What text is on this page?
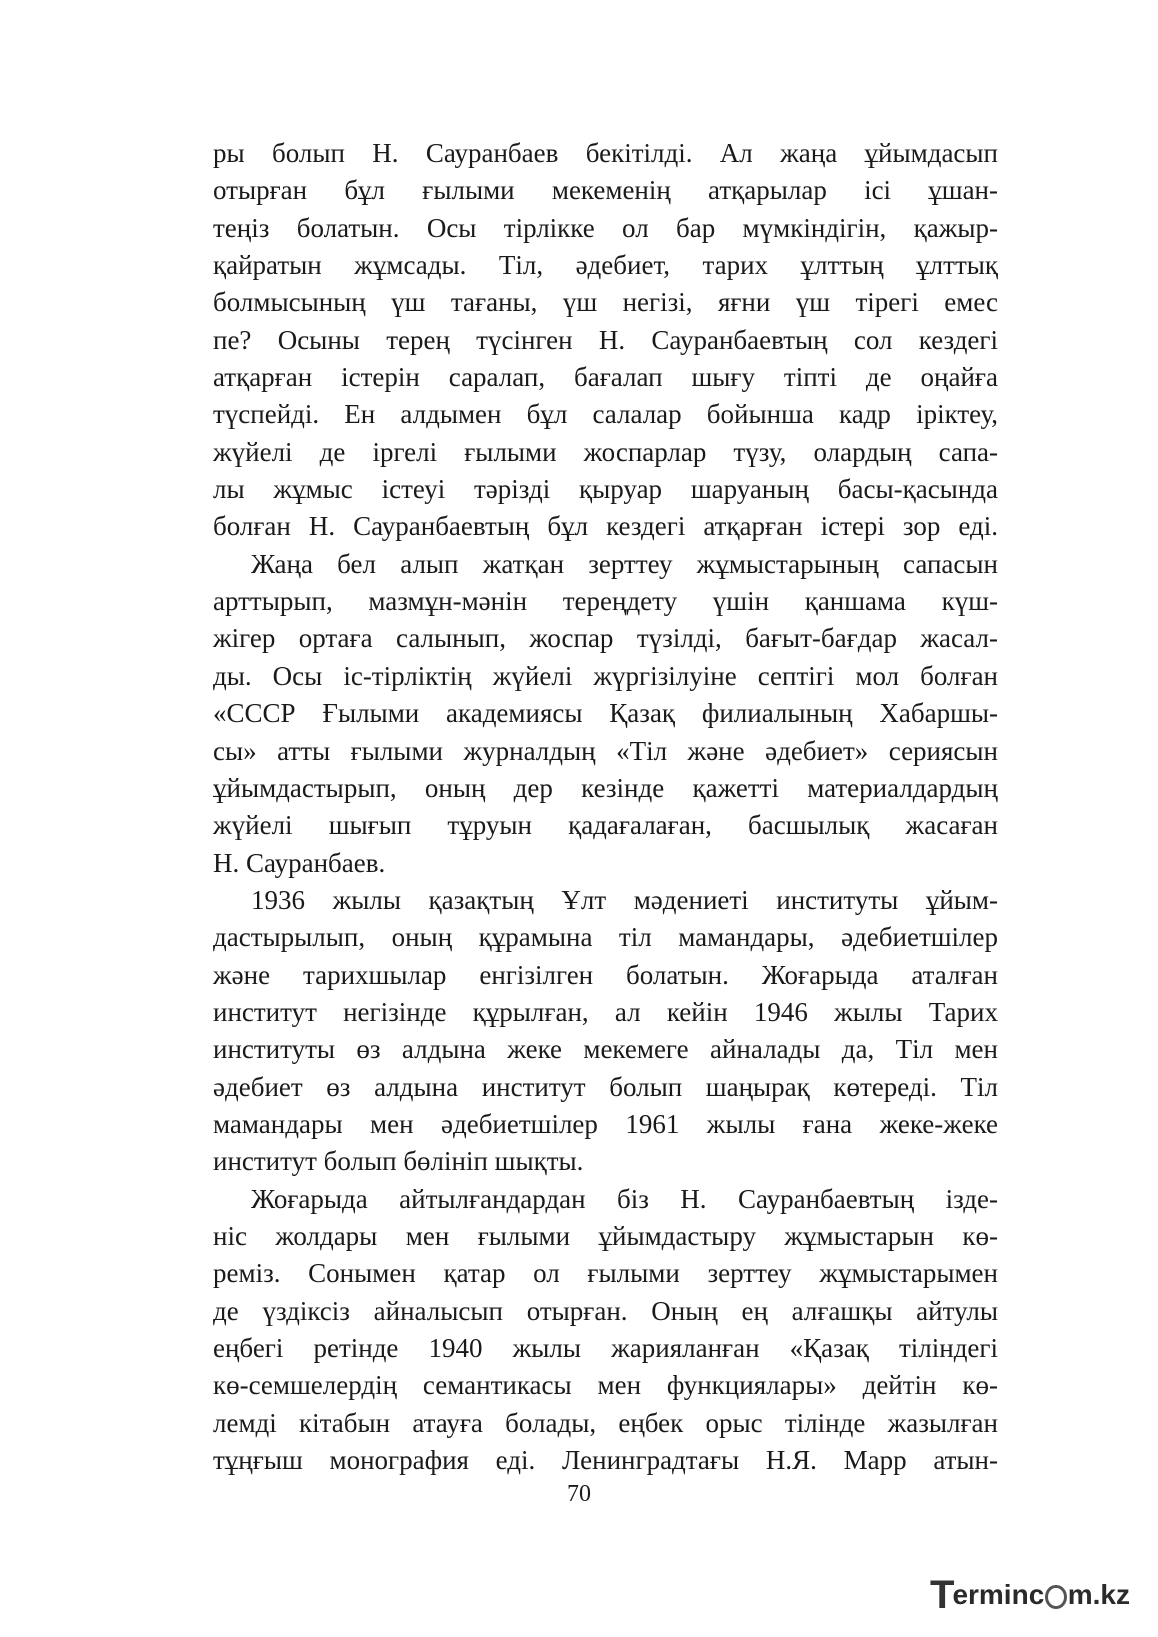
ры болып Н. Сауранбаев бекітілді. Ал жаңа ұйымдасып
отырған бұл ғылыми мекеменің атқарылар ісі ұшан-
теңіз болатын. Осы тірлікке ол бар мүмкіндігін, қажыр-
қайратын жұмсады. Тіл, әдебиет, тарих ұлттың ұлттық
болмысының үш тағаны, үш негізі, яғни үш тірегі емес
пе? Осыны терең түсінген Н. Сауранбаевтың сол кездегі
атқарған істерін саралап, бағалап шығу тіпті де оңайға
түспейді. Ен алдымен бұл салалар бойынша кадр іріктеу,
жүйелі де іргелі ғылыми жоспарлар түзу, олардың сапа-
лы жұмыс істеуі тәрізді қыруар шаруаның басы-қасында
болған Н. Сауранбаевтың бұл кездегі атқарған істері зор еді.
Жаңа бел алып жатқан зерттеу жұмыстарының сапасын
арттырып, мазмұн-мәнін тереңдету үшін қаншама күш-
жігер ортаға салынып, жоспар түзілді, бағыт-бағдар жасал-
ды. Осы іс-тірліктің жүйелі жүргізілуіне септігі мол болған
«СССР Ғылыми академиясы Қазақ филиалының Хабаршы-
сы» атты ғылыми журналдың «Тіл және әдебиет» сериясын
ұйымдастырып, оның дер кезінде қажетті материалдардың
жүйелі шығып тұруын қадағалаған, басшылық жасаған
Н. Сауранбаев.
1936 жылы қазақтың Ұлт мәдениеті институты ұйым-
дастырылып, оның құрамына тіл мамандары, әдебиетшілер
және тарихшылар енгізілген болатын. Жоғарыда аталған
институт негізінде құрылған, ал кейін 1946 жылы Тарих
институты өз алдына жеке мекемеге айналады да, Тіл мен
әдебиет өз алдына институт болып шаңырақ көтереді. Тіл
мамандары мен әдебиетшілер 1961 жылы ғана жеке-жеке
институт болып бөлініп шықты.
Жоғарыда айтылғандардан біз Н. Сауранбаевтың ізде-
ніс жолдары мен ғылыми ұйымдастыру жұмыстарын кө-
реміз. Сонымен қатар ол ғылыми зерттеу жұмыстарымен
де үздіксіз айналысып отырған. Оның ең алғашқы айтулы
еңбегі ретінде 1940 жылы жарияланған «Қазақ тіліндегі
кө-семшелердің семантикасы мен функциялары» дейтін кө-
лемді кітабын атауға болады, еңбек орыс тілінде жазылған
тұңғыш монография еді. Ленинградтағы Н.Я. Марр атын-
70
T
ermin c m.kz
